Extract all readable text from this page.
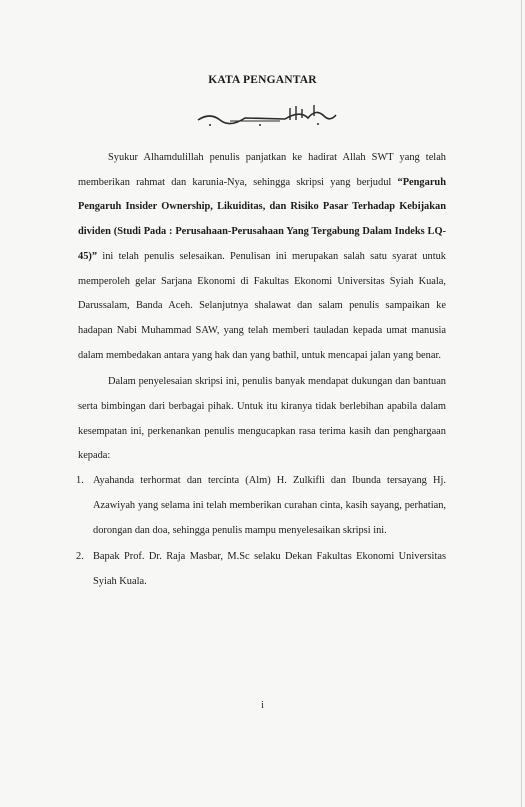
KATA PENGANTAR

Syukur Alhamdulillah penulis panjatkan ke hadirat Allah SWT yang telah memberikan rahmat dan karunia-Nya, sehingga skripsi yang berjudul “Pengaruh Pengaruh Insider Ownership, Likuiditas, dan Risiko Pasar Terhadap Kebijakan dividen (Studi Pada : Perusahaan-Perusahaan Yang Tergabung Dalam Indeks LQ-45)” ini telah penulis selesaikan. Penulisan ini merupakan salah satu syarat untuk memperoleh gelar Sarjana Ekonomi di Fakultas Ekonomi Universitas Syiah Kuala, Darussalam, Banda Aceh. Selanjutnya shalawat dan salam penulis sampaikan ke hadapan Nabi Muhammad SAW, yang telah memberi tauladan kepada umat manusia dalam membedakan antara yang hak dan yang bathil, untuk mencapai jalan yang benar.

Dalam penyelesaian skripsi ini, penulis banyak mendapat dukungan dan bantuan serta bimbingan dari berbagai pihak. Untuk itu kiranya tidak berlebihan apabila dalam kesempatan ini, perkenankan penulis mengucapkan rasa terima kasih dan penghargaan kepada:

1. Ayahanda terhormat dan tercinta (Alm) H. Zulkifli dan Ibunda tersayang Hj. Azawiyah yang selama ini telah memberikan curahan cinta, kasih sayang, perhatian, dorongan dan doa, sehingga penulis mampu menyelesaikan skripsi ini.
2. Bapak Prof. Dr. Raja Masbar, M.Sc selaku Dekan Fakultas Ekonomi Universitas Syiah Kuala.
i
